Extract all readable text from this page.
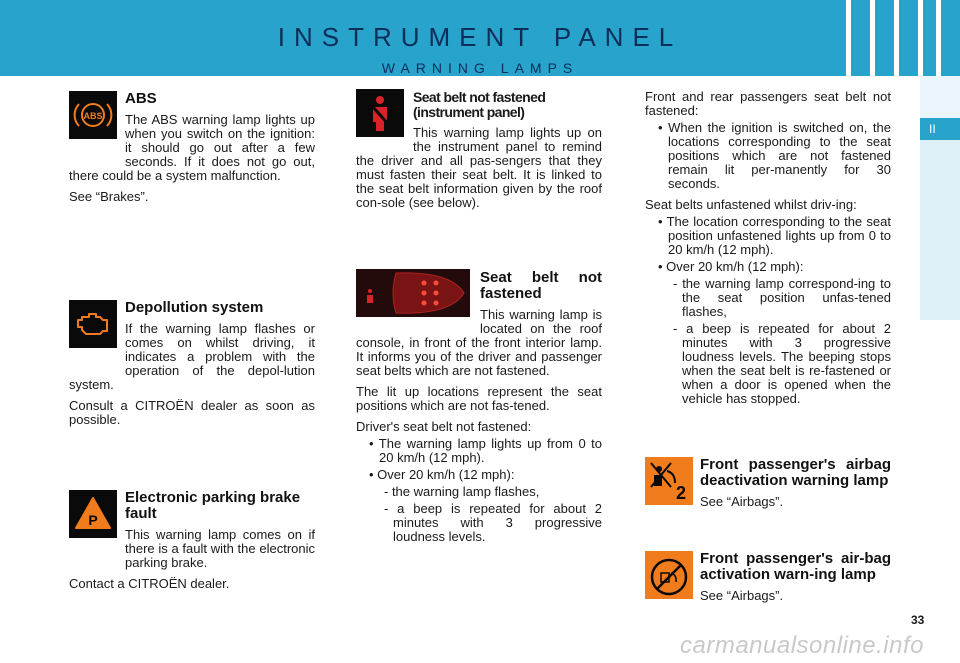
INSTRUMENT PANEL
WARNING LAMPS
II
ABS
ABS

The ABS warning lamp lights up when you switch on the ignition: it should go out after a few seconds. If it does not go out, there could be a system malfunction.

See “Brakes”.

Depollution system

If the warning lamp flashes or comes on whilst driving, it indicates a problem with the operation of the depol-lution system.

Consult a CITROËN dealer as soon as possible.

P
Electronic parking brake fault

This warning lamp comes on if there is a fault with the electronic parking brake.

Contact a CITROËN dealer.

Seat belt not fastened (instrument panel)

This warning lamp lights up on the instrument panel to remind the driver and all pas-sengers that they must fasten their seat belt. It is linked to the seat belt information given by the roof con-sole (see below).

Seat belt not fastened

This warning lamp is located on the roof console, in front of the front interior lamp. It informs you of the driver and passenger seat belts which are not fastened.

The lit up locations represent the seat positions which are not fas-tened.

Driver's seat belt not fastened:

• The warning lamp lights up from 0 to 20 km/h (12 mph).

• Over 20 km/h (12 mph):

- the warning lamp flashes,

- a beep is repeated for about 2 minutes with 3 progressive loudness levels.

Front and rear passengers seat belt not fastened:

• When the ignition is switched on, the locations corresponding to the seat positions which are not fastened remain lit per-manently for 30 seconds.

Seat belts unfastened whilst driv-ing:

• The location corresponding to the seat position unfastened lights up from 0 to 20 km/h (12 mph).

• Over 20 km/h (12 mph):

- the warning lamp correspond-ing to the seat position unfas-tened flashes,

- a beep is repeated for about 2 minutes with 3 progressive loudness levels. The beeping stops when the seat belt is re-fastened or when a door is opened when the vehicle has stopped.

2
Front passenger's airbag deactivation warning lamp

See “Airbags”.

Front passenger's air-bag activation warn-ing lamp

See “Airbags”.

33
carmanualsonline.info
